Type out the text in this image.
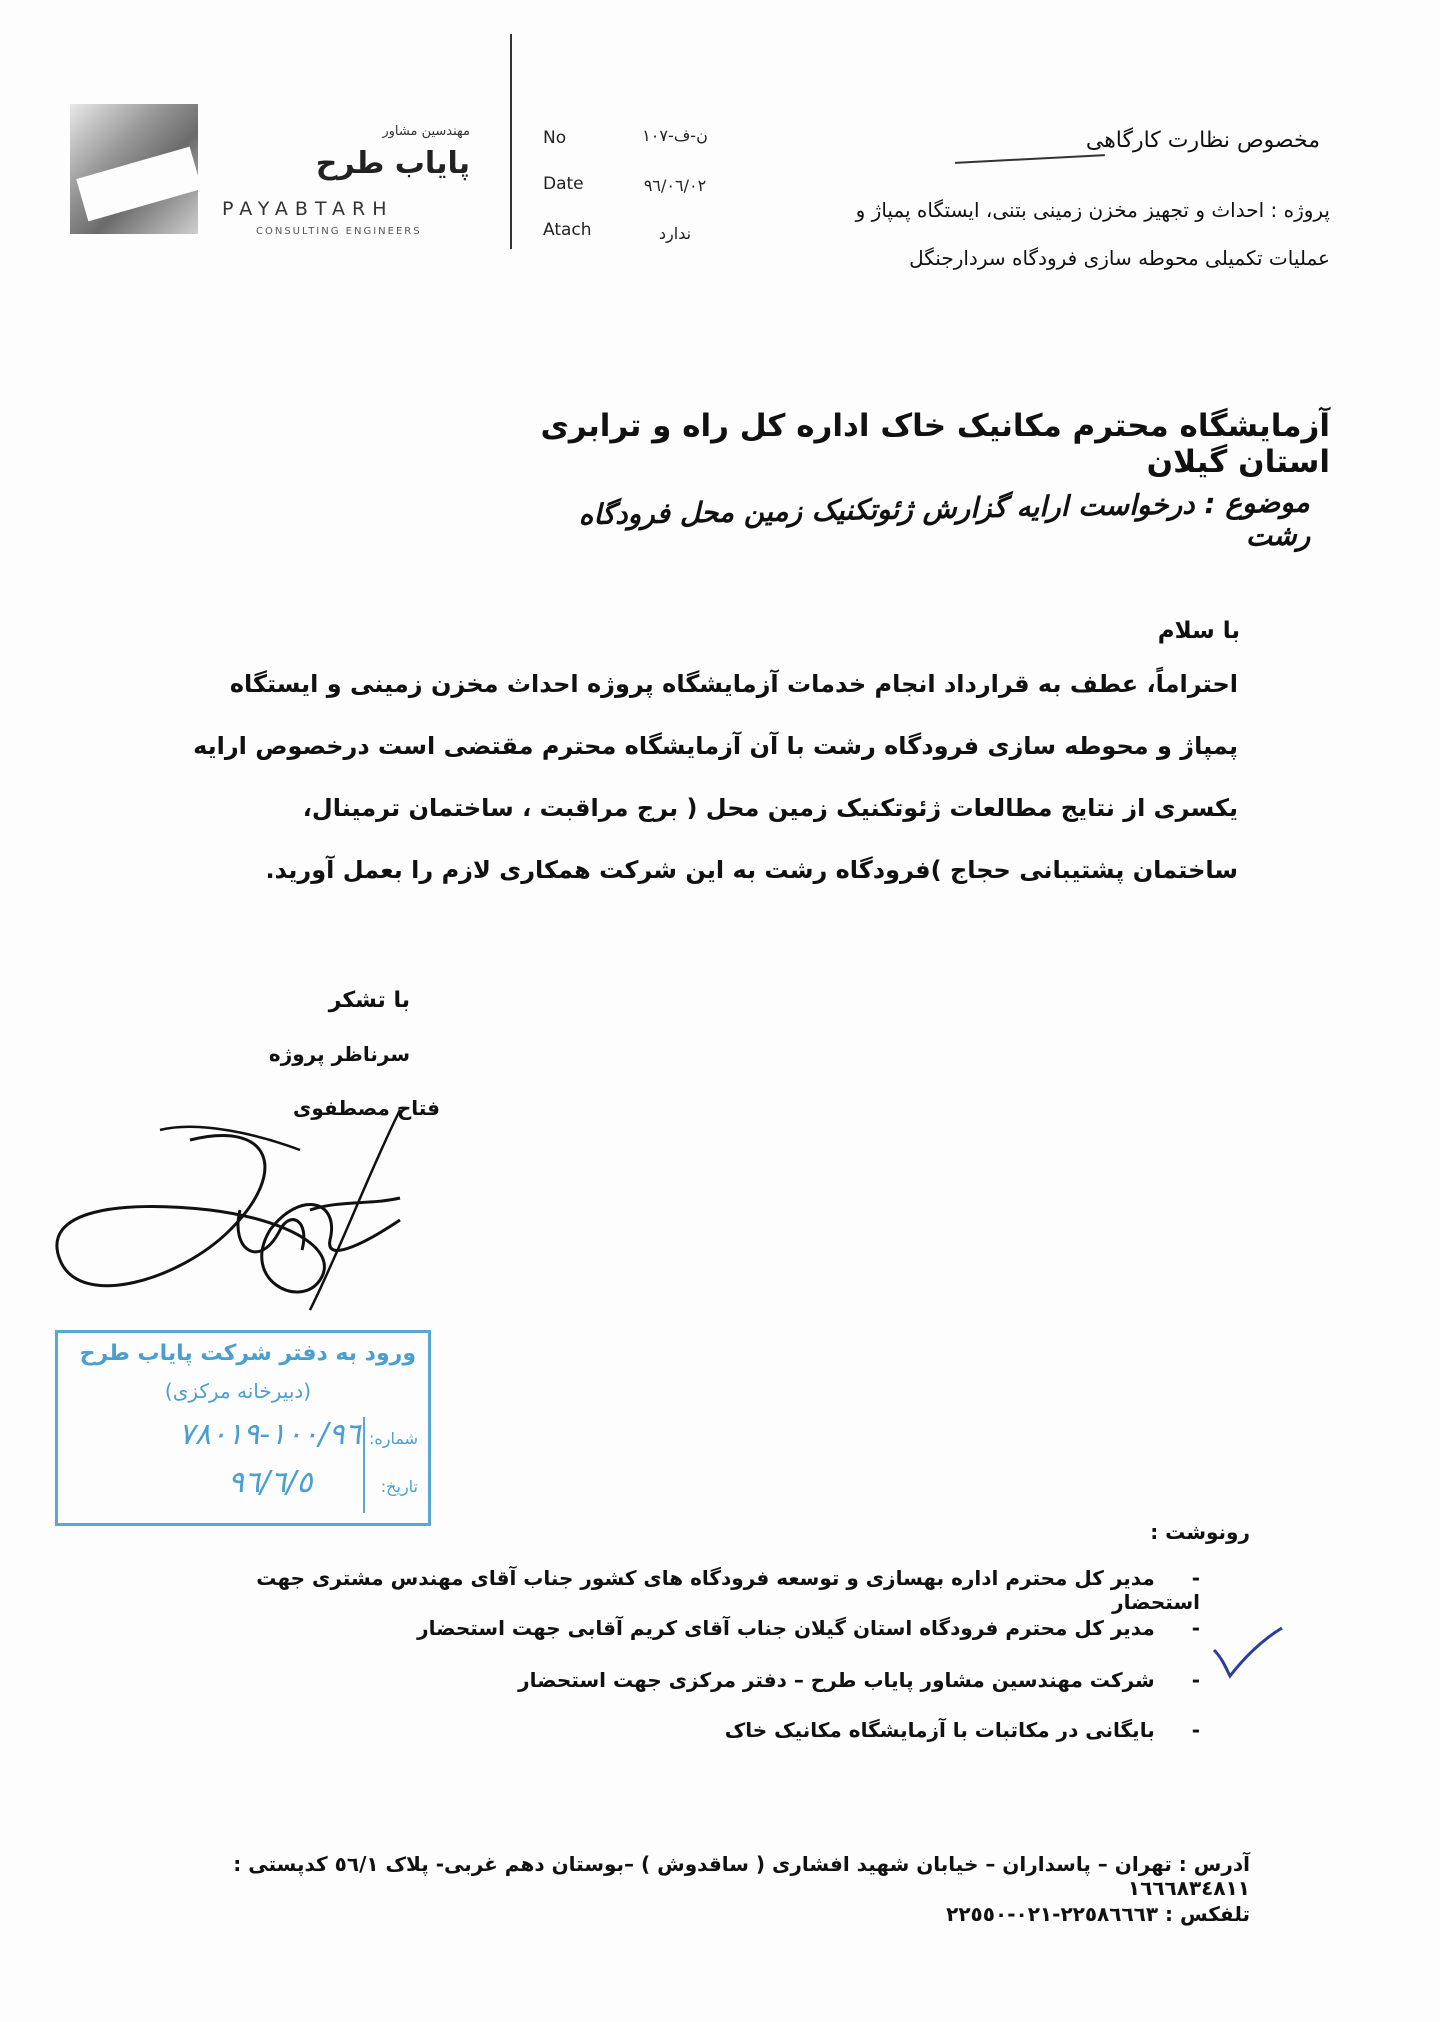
مهندسین مشاور
پایاب طرح
PAYABTARH
CONSULTING ENGINEERS
No	ن-ف-١٠٧
Date	٩٦/٠٦/٠٢
Atach	ندارد
مخصوص نظارت کارگاهی
پروژه : احداث و تجهیز مخزن زمینی بتنی، ایستگاه پمپاژ و
عملیات تکمیلی محوطه سازی فرودگاه سردارجنگل
آزمایشگاه محترم مکانیک خاک اداره کل راه و ترابری استان گیلان
موضوع : درخواست ارایه گزارش ژئوتکنیک زمین محل فرودگاه رشت
با سلام
احتراماً، عطف به قرارداد انجام خدمات آزمایشگاه پروژه احداث مخزن زمینی و ایستگاه
پمپاژ و محوطه سازی فرودگاه رشت با آن آزمایشگاه محترم مقتضی است درخصوص ارایه
یکسری از نتایج مطالعات ژئوتکنیک زمین محل ( برج مراقبت ، ساختمان ترمینال،
ساختمان پشتیبانی حجاج )فرودگاه رشت به این شرکت همکاری لازم را بعمل آورید.
با تشکر
سرناظر پروژه
فتاح مصطفوی
ورود به دفتر شرکت پایاب طرح
(دبیرخانه مرکزی)
شماره: ١٠٠/٩٦-٧٨٠١٩
تاریخ: ٩٦/٦/٥
رونوشت :
- مدیر کل محترم اداره بهسازی و توسعه فرودگاه های کشور جناب آقای مهندس مشتری جهت استحضار
- مدیر کل محترم فرودگاه استان گیلان جناب آقای کریم آقابی جهت استحضار
- شرکت مهندسین مشاور پایاب طرح – دفتر مرکزی جهت استحضار
- بایگانی در مکاتبات با آزمایشگاه مکانیک خاک
آدرس : تهران – پاسداران – خیابان شهید افشاری ( ساقدوش ) –بوستان دهم غربی- پلاک ٥٦/١ کدپستی : ١٦٦٦٨٣٤٨١١
تلفکس : ٢٢٥٨٦٦٦٣-٠٢١-٢٢٥٥٠
